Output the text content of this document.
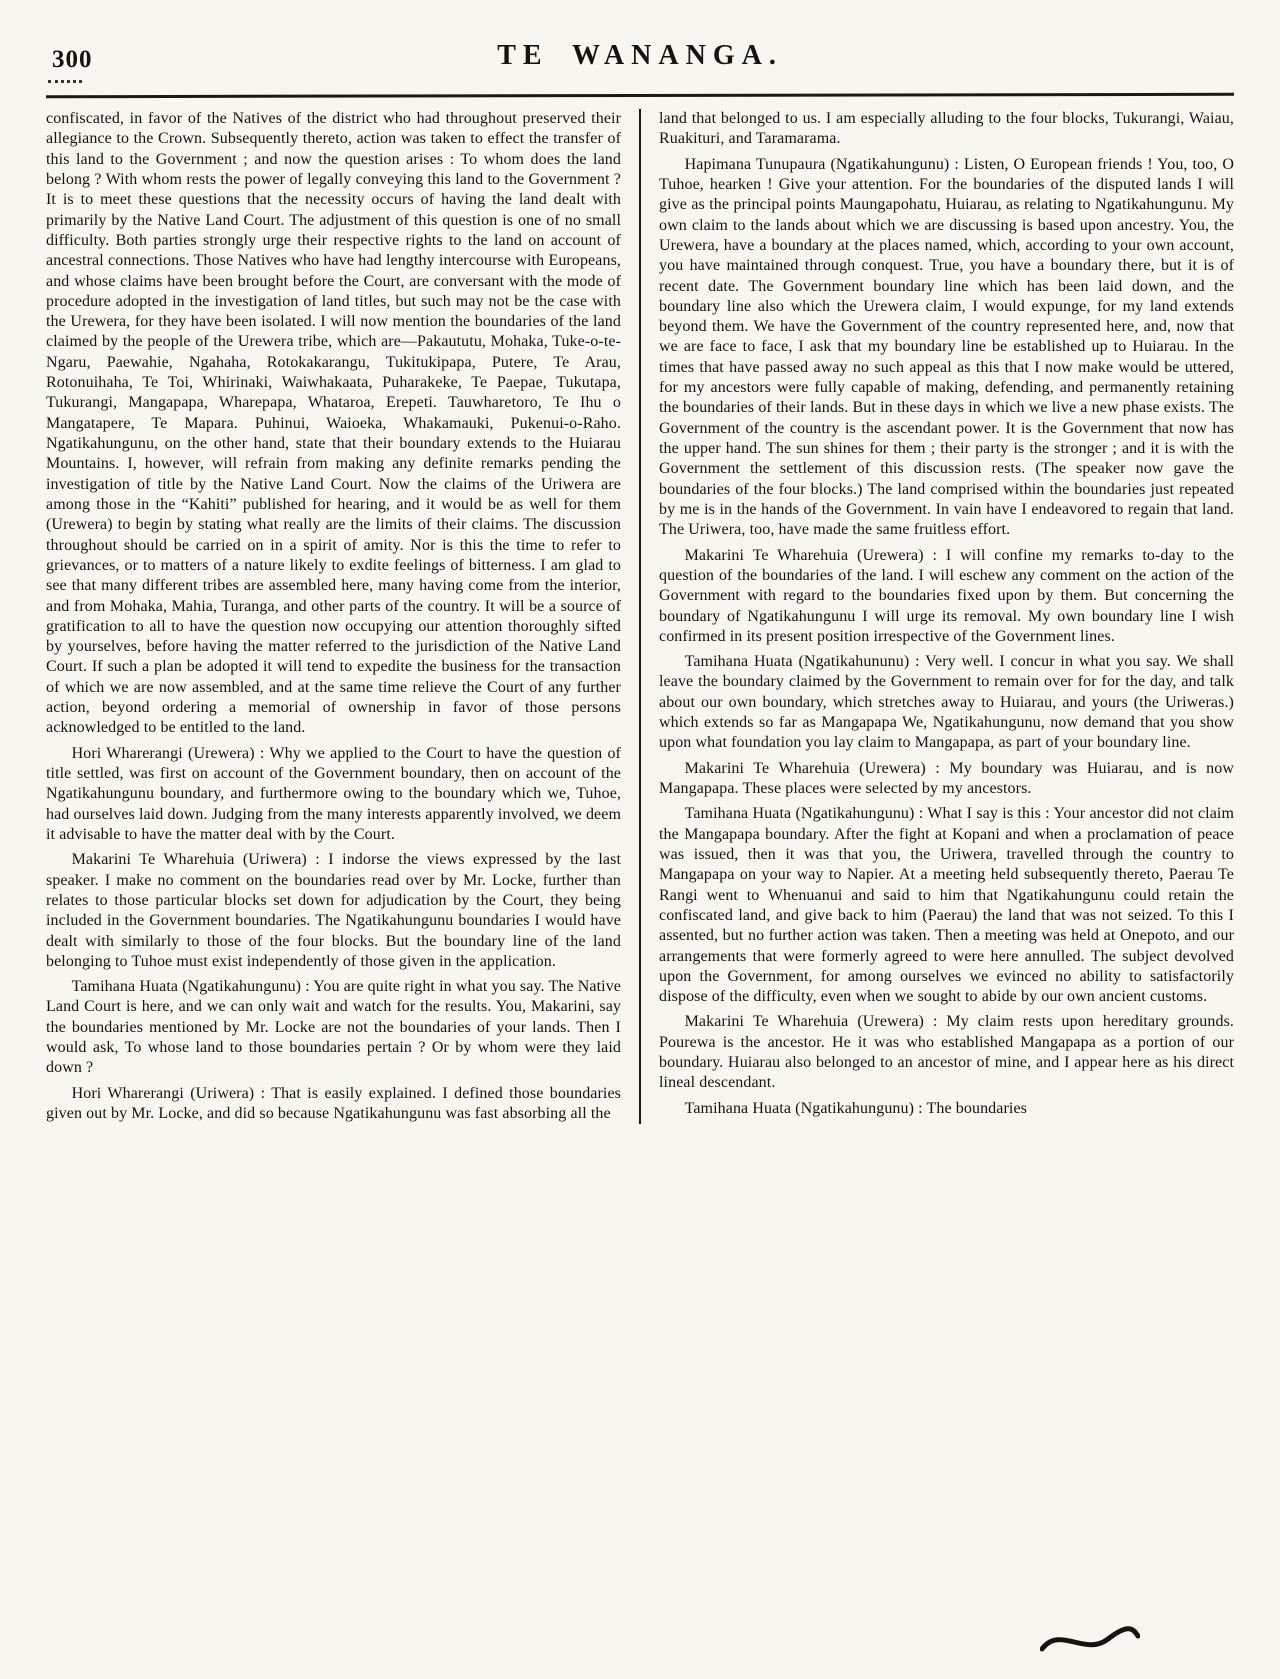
300	TE WANANGA.

confiscated, in favor of the Natives of the district who had throughout preserved their allegiance to the Crown. Subsequently thereto, action was taken to effect the transfer of this land to the Government ; and now the question arises : To whom does the land belong ? With whom rests the power of legally conveying this land to the Government ? It is to meet these questions that the necessity occurs of having the land dealt with primarily by the Native Land Court. The adjustment of this question is one of no small difficulty. Both parties strongly urge their respective rights to the land on account of ancestral connections. Those Natives who have had lengthy intercourse with Europeans, and whose claims have been brought before the Court, are conversant with the mode of procedure adopted in the investigation of land titles, but such may not be the case with the Urewera, for they have been isolated. I will now mention the boundaries of the land claimed by the people of the Urewera tribe, which are—Pakaututu, Mohaka, Tuke-o-te-Ngaru, Paewahie, Ngahaha, Rotokakarangu, Tukitukipapa, Putere, Te Arau, Rotonuihaha, Te Toi, Whirinaki, Waiwhakaata, Puharakeke, Te Paepae, Tukutapa, Tukurangi, Mangapapa, Wharepapa, Whataroa, Erepeti. Tauwharetoro, Te Ihu o Mangatapere, Te Mapara. Puhinui, Waioeka, Whakamauki, Pukenui-o-Raho. Ngatikahungunu, on the other hand, state that their boundary extends to the Huiarau Mountains. I, however, will refrain from making any definite remarks pending the investigation of title by the Native Land Court. Now the claims of the Uriwera are among those in the “Kahiti” published for hearing, and it would be as well for them (Urewera) to begin by stating what really are the limits of their claims. The discussion throughout should be carried on in a spirit of amity. Nor is this the time to refer to grievances, or to matters of a nature likely to exdite feelings of bitterness. I am glad to see that many different tribes are assembled here, many having come from the interior, and from Mohaka, Mahia, Turanga, and other parts of the country. It will be a source of gratification to all to have the question now occupying our attention thoroughly sifted by yourselves, before having the matter referred to the jurisdiction of the Native Land Court. If such a plan be adopted it will tend to expedite the business for the transaction of which we are now assembled, and at the same time relieve the Court of any further action, beyond ordering a memorial of ownership in favor of those persons acknowledged to be entitled to the land.

Hori Wharerangi (Urewera) : Why we applied to the Court to have the question of title settled, was first on account of the Government boundary, then on account of the Ngatikahungunu boundary, and furthermore owing to the boundary which we, Tuhoe, had ourselves laid down. Judging from the many interests apparently involved, we deem it advisable to have the matter deal with by the Court.

Makarini Te Wharehuia (Uriwera) : I indorse the views expressed by the last speaker. I make no comment on the boundaries read over by Mr. Locke, further than relates to those particular blocks set down for adjudication by the Court, they being included in the Government boundaries. The Ngatikahungunu boundaries I would have dealt with similarly to those of the four blocks. But the boundary line of the land belonging to Tuhoe must exist independently of those given in the application.

Tamihana Huata (Ngatikahungunu) : You are quite right in what you say. The Native Land Court is here, and we can only wait and watch for the results. You, Makarini, say the boundaries mentioned by Mr. Locke are not the boundaries of your lands. Then I would ask, To whose land to those boundaries pertain ? Or by whom were they laid down ?

Hori Wharerangi (Uriwera) : That is easily explained. I defined those boundaries given out by Mr. Locke, and did so because Ngatikahungunu was fast absorbing all the

land that belonged to us. I am especially alluding to the four blocks, Tukurangi, Waiau, Ruakituri, and Taramarama.

Hapimana Tunupaura (Ngatikahungunu) : Listen, O European friends ! You, too, O Tuhoe, hearken ! Give your attention. For the boundaries of the disputed lands I will give as the principal points Maungapohatu, Huiarau, as relating to Ngatikahungunu. My own claim to the lands about which we are discussing is based upon ancestry. You, the Urewera, have a boundary at the places named, which, according to your own account, you have maintained through conquest. True, you have a boundary there, but it is of recent date. The Government boundary line which has been laid down, and the boundary line also which the Urewera claim, I would expunge, for my land extends beyond them. We have the Government of the country represented here, and, now that we are face to face, I ask that my boundary line be established up to Huiarau. In the times that have passed away no such appeal as this that I now make would be uttered, for my ancestors were fully capable of making, defending, and permanently retaining the boundaries of their lands. But in these days in which we live a new phase exists. The Government of the country is the ascendant power. It is the Government that now has the upper hand. The sun shines for them ; their party is the stronger ; and it is with the Government the settlement of this discussion rests. (The speaker now gave the boundaries of the four blocks.) The land comprised within the boundaries just repeated by me is in the hands of the Government. In vain have I endeavored to regain that land. The Uriwera, too, have made the same fruitless effort.

Makarini Te Wharehuia (Urewera) : I will confine my remarks to-day to the question of the boundaries of the land. I will eschew any comment on the action of the Government with regard to the boundaries fixed upon by them. But concerning the boundary of Ngatikahungunu I will urge its removal. My own boundary line I wish confirmed in its present position irrespective of the Government lines.

Tamihana Huata (Ngatikahununu) : Very well. I concur in what you say. We shall leave the boundary claimed by the Government to remain over for for the day, and talk about our own boundary, which stretches away to Huiarau, and yours (the Uriweras.) which extends so far as Mangapapa We, Ngatikahungunu, now demand that you show upon what foundation you lay claim to Mangapapa, as part of your boundary line.

Makarini Te Wharehuia (Urewera) : My boundary was Huiarau, and is now Mangapapa. These places were selected by my ancestors.

Tamihana Huata (Ngatikahungunu) : What I say is this : Your ancestor did not claim the Mangapapa boundary. After the fight at Kopani and when a proclamation of peace was issued, then it was that you, the Uriwera, travelled through the country to Mangapapa on your way to Napier. At a meeting held subsequently thereto, Paerau Te Rangi went to Whenuanui and said to him that Ngatikahungunu could retain the confiscated land, and give back to him (Paerau) the land that was not seized. To this I assented, but no further action was taken. Then a meeting was held at Onepoto, and our arrangements that were formerly agreed to were here annulled. The subject devolved upon the Government, for among ourselves we evinced no ability to satisfactorily dispose of the difficulty, even when we sought to abide by our own ancient customs.

Makarini Te Wharehuia (Urewera) : My claim rests upon hereditary grounds. Pourewa is the ancestor. He it was who established Mangapapa as a portion of our boundary. Huiarau also belonged to an ancestor of mine, and I appear here as his direct lineal descendant.

Tamihana Huata (Ngatikahungunu) : The boundaries
